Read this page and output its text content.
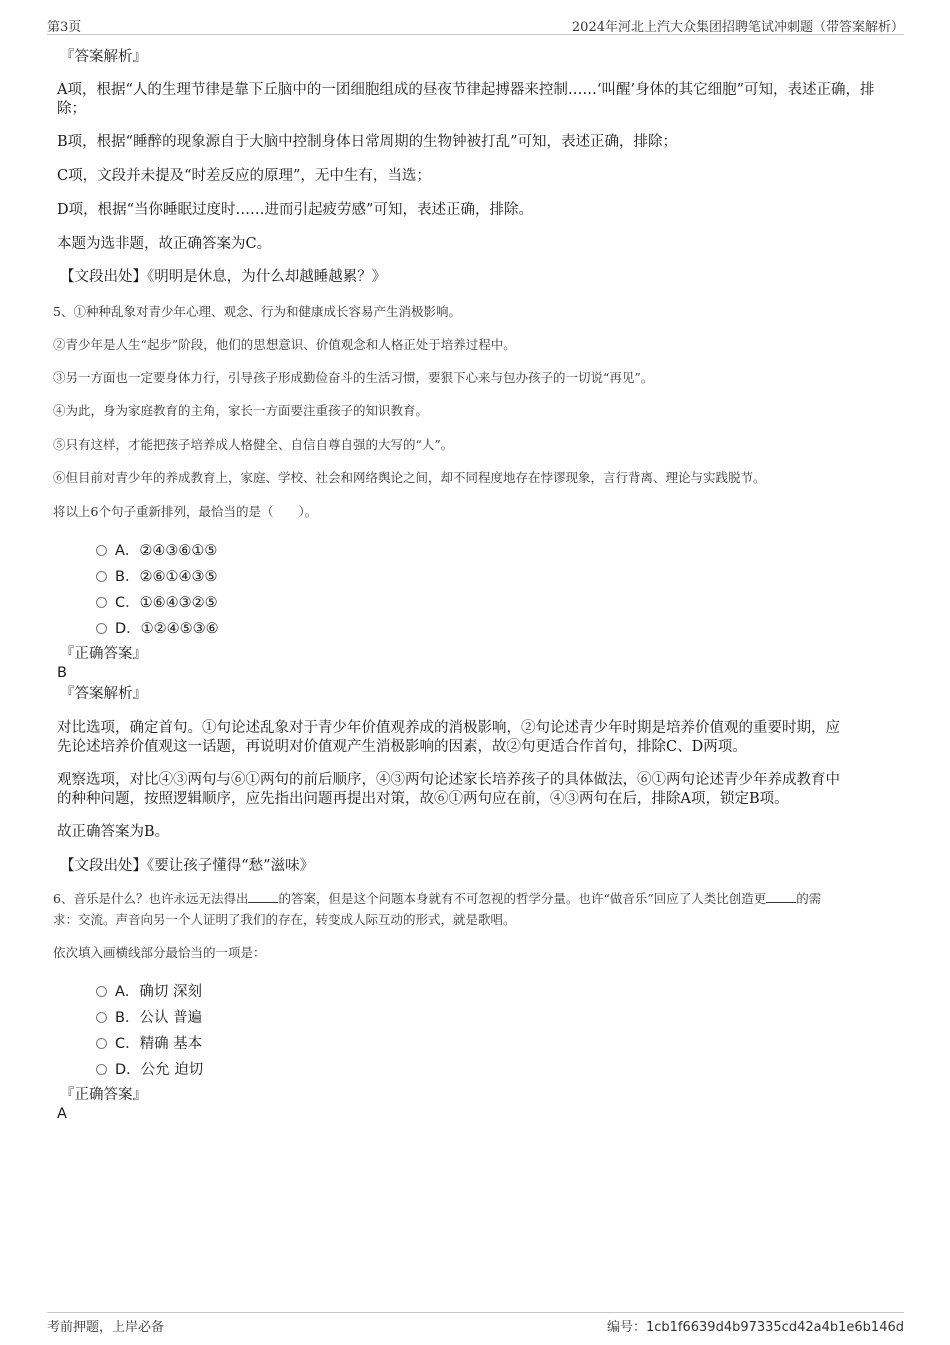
第3页	2024年河北上汽大众集团招聘笔试冲刺题（带答案解析）
『答案解析』
A项，根据“人的生理节律是靠下丘脑中的一团细胞组成的昼夜节律起搏器来控制……‘叫醒’身体的其它细胞”可知，表述正确，排除；
B项，根据“睡醉的现象源自于大脑中控制身体日常周期的生物钟被打乱”可知，表述正确，排除；
C项，文段并未提及“时差反应的原理”，无中生有，当选；
D项，根据“当你睡眠过度时……进而引起疲劳感”可知，表述正确，排除。
本题为选非题，故正确答案为C。
【文段出处】《明明是休息，为什么却越睡越累？》
5、①种种乱象对青少年心理、观念、行为和健康成长容易产生消极影响。
②青少年是人生“起步”阶段，他们的思想意识、价值观念和人格正处于培养过程中。
③另一方面也一定要身体力行，引导孩子形成勤俭奋斗的生活习惯，要狠下心来与包办孩子的一切说“再见”。
④为此，身为家庭教育的主角，家长一方面要注重孩子的知识教育。
⑤只有这样，才能把孩子培养成人格健全、自信自尊自强的大写的“人”。
⑥但目前对青少年的养成教育上，家庭、学校、社会和网络舆论之间，却不同程度地存在悖谬现象，言行背离、理论与实践脱节。
将以上6个句子重新排列，最恰当的是（　　）。
A．②④③⑥①⑤
B．②⑥①④③⑤
C．①⑥④③②⑤
D．①②④⑤③⑥
『正确答案』
B
『答案解析』
对比选项，确定首句。①句论述乱象对于青少年价值观养成的消极影响，②句论述青少年时期是培养价值观的重要时期，应
先论述培养价值观这一话题，再说明对价值观产生消极影响的因素，故②句更适合作首句，排除C、D两项。
观察选项，对比④③两句与⑥①两句的前后顺序，④③两句论述家长培养孩子的具体做法，⑥①两句论述青少年养成教育中
的种种问题，按照逻辑顺序，应先指出问题再提出对策，故⑥①两句应在前，④③两句在后，排除A项，锁定B项。
故正确答案为B。
【文段出处】《要让孩子懂得“愁”滋味》
6、音乐是什么？也许永远无法得出 的答案，但是这个问题本身就有不可忽视的哲学分量。也许“做音乐”回应了人类比创造更 的需
求：交流。声音向另一个人证明了我们的存在，转变成人际互动的形式，就是歌唱。
依次填入画横线部分最恰当的一项是：
A．确切 深刻
B．公认 普遍
C．精确 基本
D．公允 迫切
『正确答案』
A
考前押题，上岸必备	编号：1cb1f6639d4b97335cd42a4b1e6b146d
